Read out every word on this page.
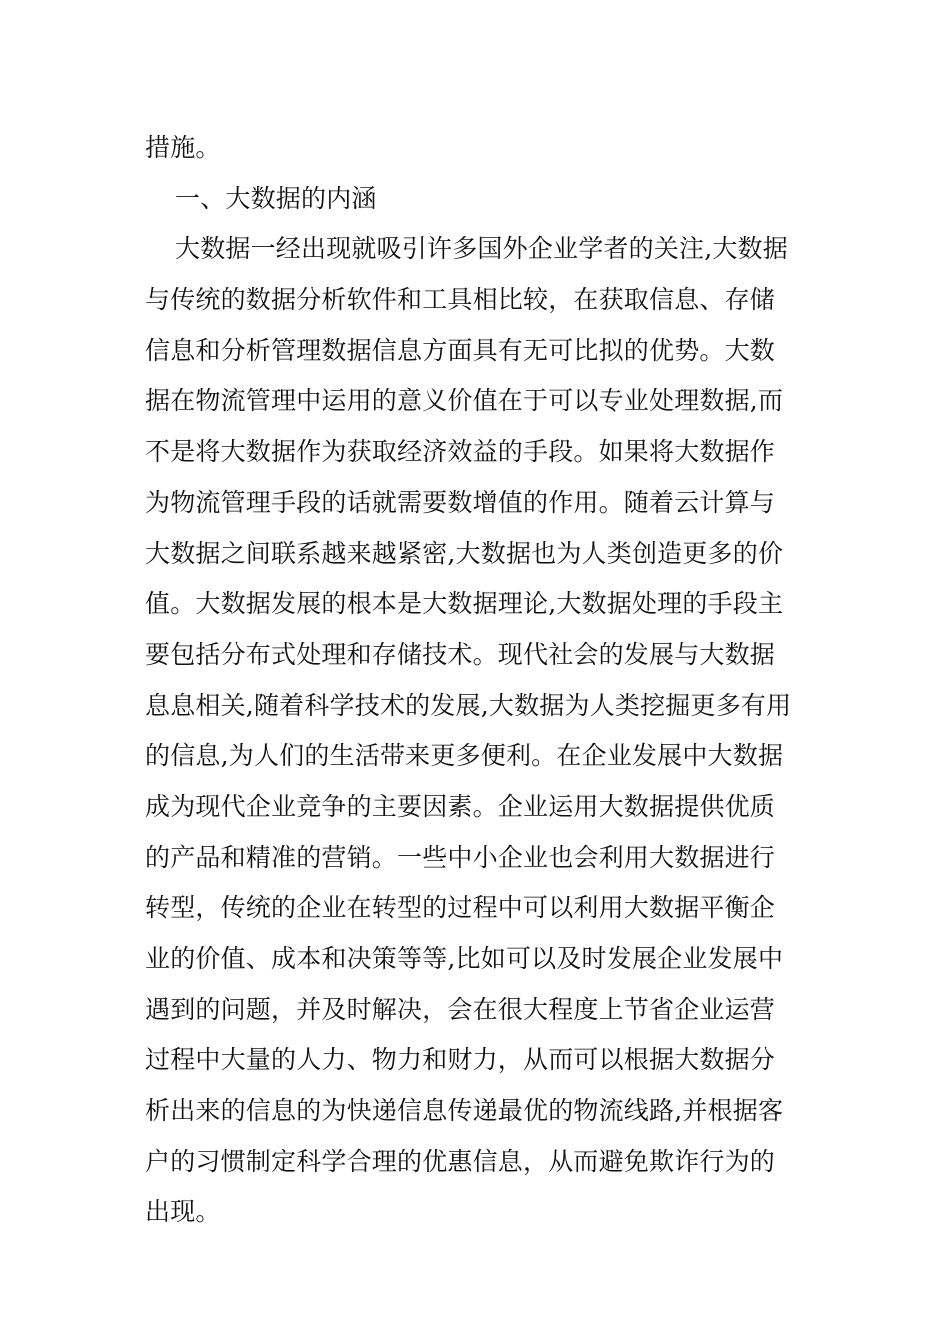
措施。
一、大数据的内涵
大数据一经出现就吸引许多国外企业学者的关注,大数据
与传统的数据分析软件和工具相比较，在获取信息、存储
信息和分析管理数据信息方面具有无可比拟的优势。大数
据在物流管理中运用的意义价值在于可以专业处理数据,而
不是将大数据作为获取经济效益的手段。如果将大数据作
为物流管理手段的话就需要数增值的作用。随着云计算与
大数据之间联系越来越紧密,大数据也为人类创造更多的价
值。大数据发展的根本是大数据理论,大数据处理的手段主
要包括分布式处理和存储技术。现代社会的发展与大数据
息息相关,随着科学技术的发展,大数据为人类挖掘更多有用
的信息,为人们的生活带来更多便利。在企业发展中大数据
成为现代企业竞争的主要因素。企业运用大数据提供优质
的产品和精准的营销。一些中小企业也会利用大数据进行
转型，传统的企业在转型的过程中可以利用大数据平衡企
业的价值、成本和决策等等,比如可以及时发展企业发展中
遇到的问题，并及时解决，会在很大程度上节省企业运营
过程中大量的人力、物力和财力，从而可以根据大数据分
析出来的信息的为快递信息传递最优的物流线路,并根据客
户的习惯制定科学合理的优惠信息，从而避免欺诈行为的
出现。
